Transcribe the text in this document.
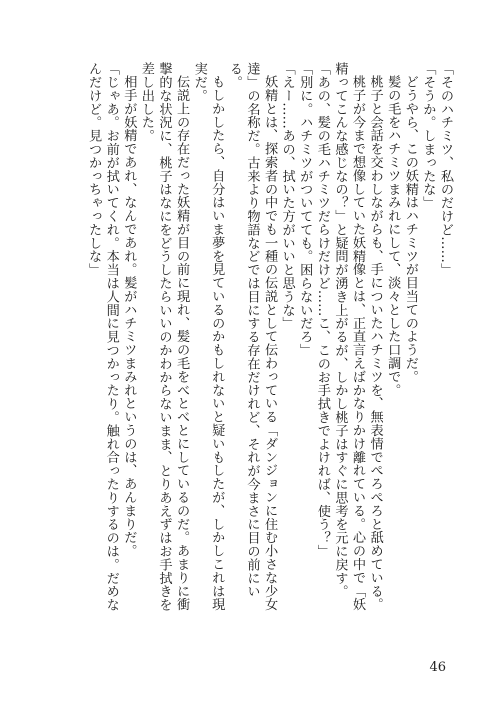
「そのハチミツ、私のだけど……」

「そうか。しまったな」

どうやら、この妖精はハチミツが目当てのようだ。

髪の毛をハチミツまみれにして、淡々とした口調で。

桃子と会話を交わしながらも、手についたハチミツを、無表情でぺろぺろと舐めている。

桃子が今まで想像していた妖精像とは、正直言えばかなりかけ離れている。心の中で「妖精ってこんな感じなの？」と疑問が湧き上がるが、しかし桃子はすぐに思考を元に戻す。

「あの、髪の毛ハチミツだらけだけど……こ、このお手拭きでよければ、使う？」

「別に。ハチミツがついてても。困らないだろ」

「えー……あの、拭いた方がいいと思うな」

妖精とは、探索者の中でも一種の伝説として伝わっている「ダンジョンに住む小さな少女達」の名称だ。古来より物語などでは目にする存在だけれど、それが今まさに目の前にいる。

もしかしたら、自分はいま夢を見ているのかもしれないと疑いもしたが、しかしこれは現実だ。

伝説上の存在だった妖精が目の前に現れ、髪の毛をべとべとにしているのだ。あまりに衝撃的な状況に、桃子はなにをどうしたらいいのかわからないまま、とりあえずはお手拭きを差し出した。

相手が妖精であれ、なんであれ。髪がハチミツまみれというのは、あんまりだ。

「じゃあ。お前が拭いてくれ。本当は人間に見つかったり。触れ合ったりするのは。だめなんだけど。見つかっちゃったしな」

46
